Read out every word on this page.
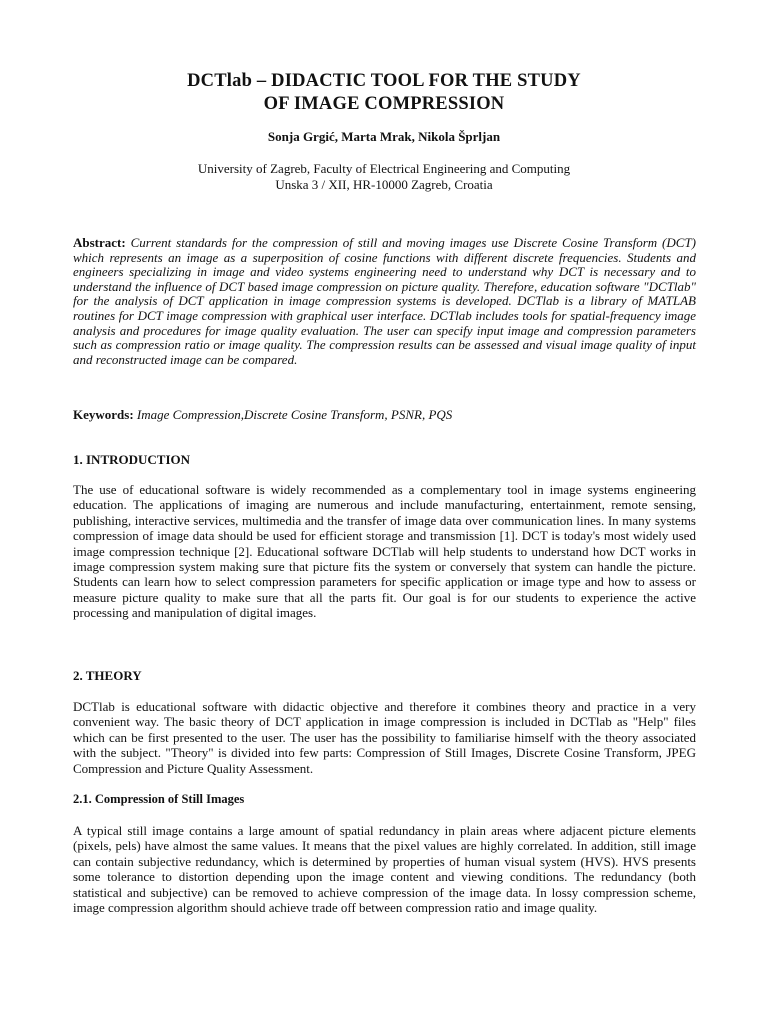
DCTlab – DIDACTIC TOOL FOR THE STUDY
OF IMAGE COMPRESSION
Sonja Grgić, Marta Mrak, Nikola Šprljan
University of Zagreb, Faculty of Electrical Engineering and Computing
Unska 3 / XII, HR-10000 Zagreb, Croatia
Abstract: Current standards for the compression of still and moving images use Discrete Cosine Transform (DCT) which represents an image as a superposition of cosine functions with different discrete frequencies. Students and engineers specializing in image and video systems engineering need to understand why DCT is necessary and to understand the influence of DCT based image compression on picture quality. Therefore, education software "DCTlab" for the analysis of DCT application in image compression systems is developed. DCTlab is a library of MATLAB routines for DCT image compression with graphical user interface. DCTlab includes tools for spatial-frequency image analysis and procedures for image quality evaluation. The user can specify input image and compression parameters such as compression ratio or image quality. The compression results can be assessed and visual image quality of input and reconstructed image can be compared.
Keywords: Image Compression,Discrete Cosine Transform, PSNR, PQS
1. INTRODUCTION
The use of educational software is widely recommended as a complementary tool in image systems engineering education. The applications of imaging are numerous and include manufacturing, entertainment, remote sensing, publishing, interactive services, multimedia and the transfer of image data over communication lines. In many systems compression of image data should be used for efficient storage and transmission [1]. DCT is today's most widely used image compression technique [2]. Educational software DCTlab will help students to understand how DCT works in image compression system making sure that picture fits the system or conversely that system can handle the picture. Students can learn how to select compression parameters for specific application or image type and how to assess or measure picture quality to make sure that all the parts fit. Our goal is for our students to experience the active processing and manipulation of digital images.
2. THEORY
DCTlab is educational software with didactic objective and therefore it combines theory and practice in a very convenient way. The basic theory of DCT application in image compression is included in DCTlab as "Help" files which can be first presented to the user. The user has the possibility to familiarise himself with the theory associated with the subject. "Theory" is divided into few parts: Compression of Still Images, Discrete Cosine Transform, JPEG Compression and Picture Quality Assessment.
2.1. Compression of Still Images
A typical still image contains a large amount of spatial redundancy in plain areas where adjacent picture elements (pixels, pels) have almost the same values. It means that the pixel values are highly correlated. In addition, still image can contain subjective redundancy, which is determined by properties of human visual system (HVS). HVS presents some tolerance to distortion depending upon the image content and viewing conditions. The redundancy (both statistical and subjective) can be removed to achieve compression of the image data. In lossy compression scheme, image compression algorithm should achieve trade off between compression ratio and image quality.
